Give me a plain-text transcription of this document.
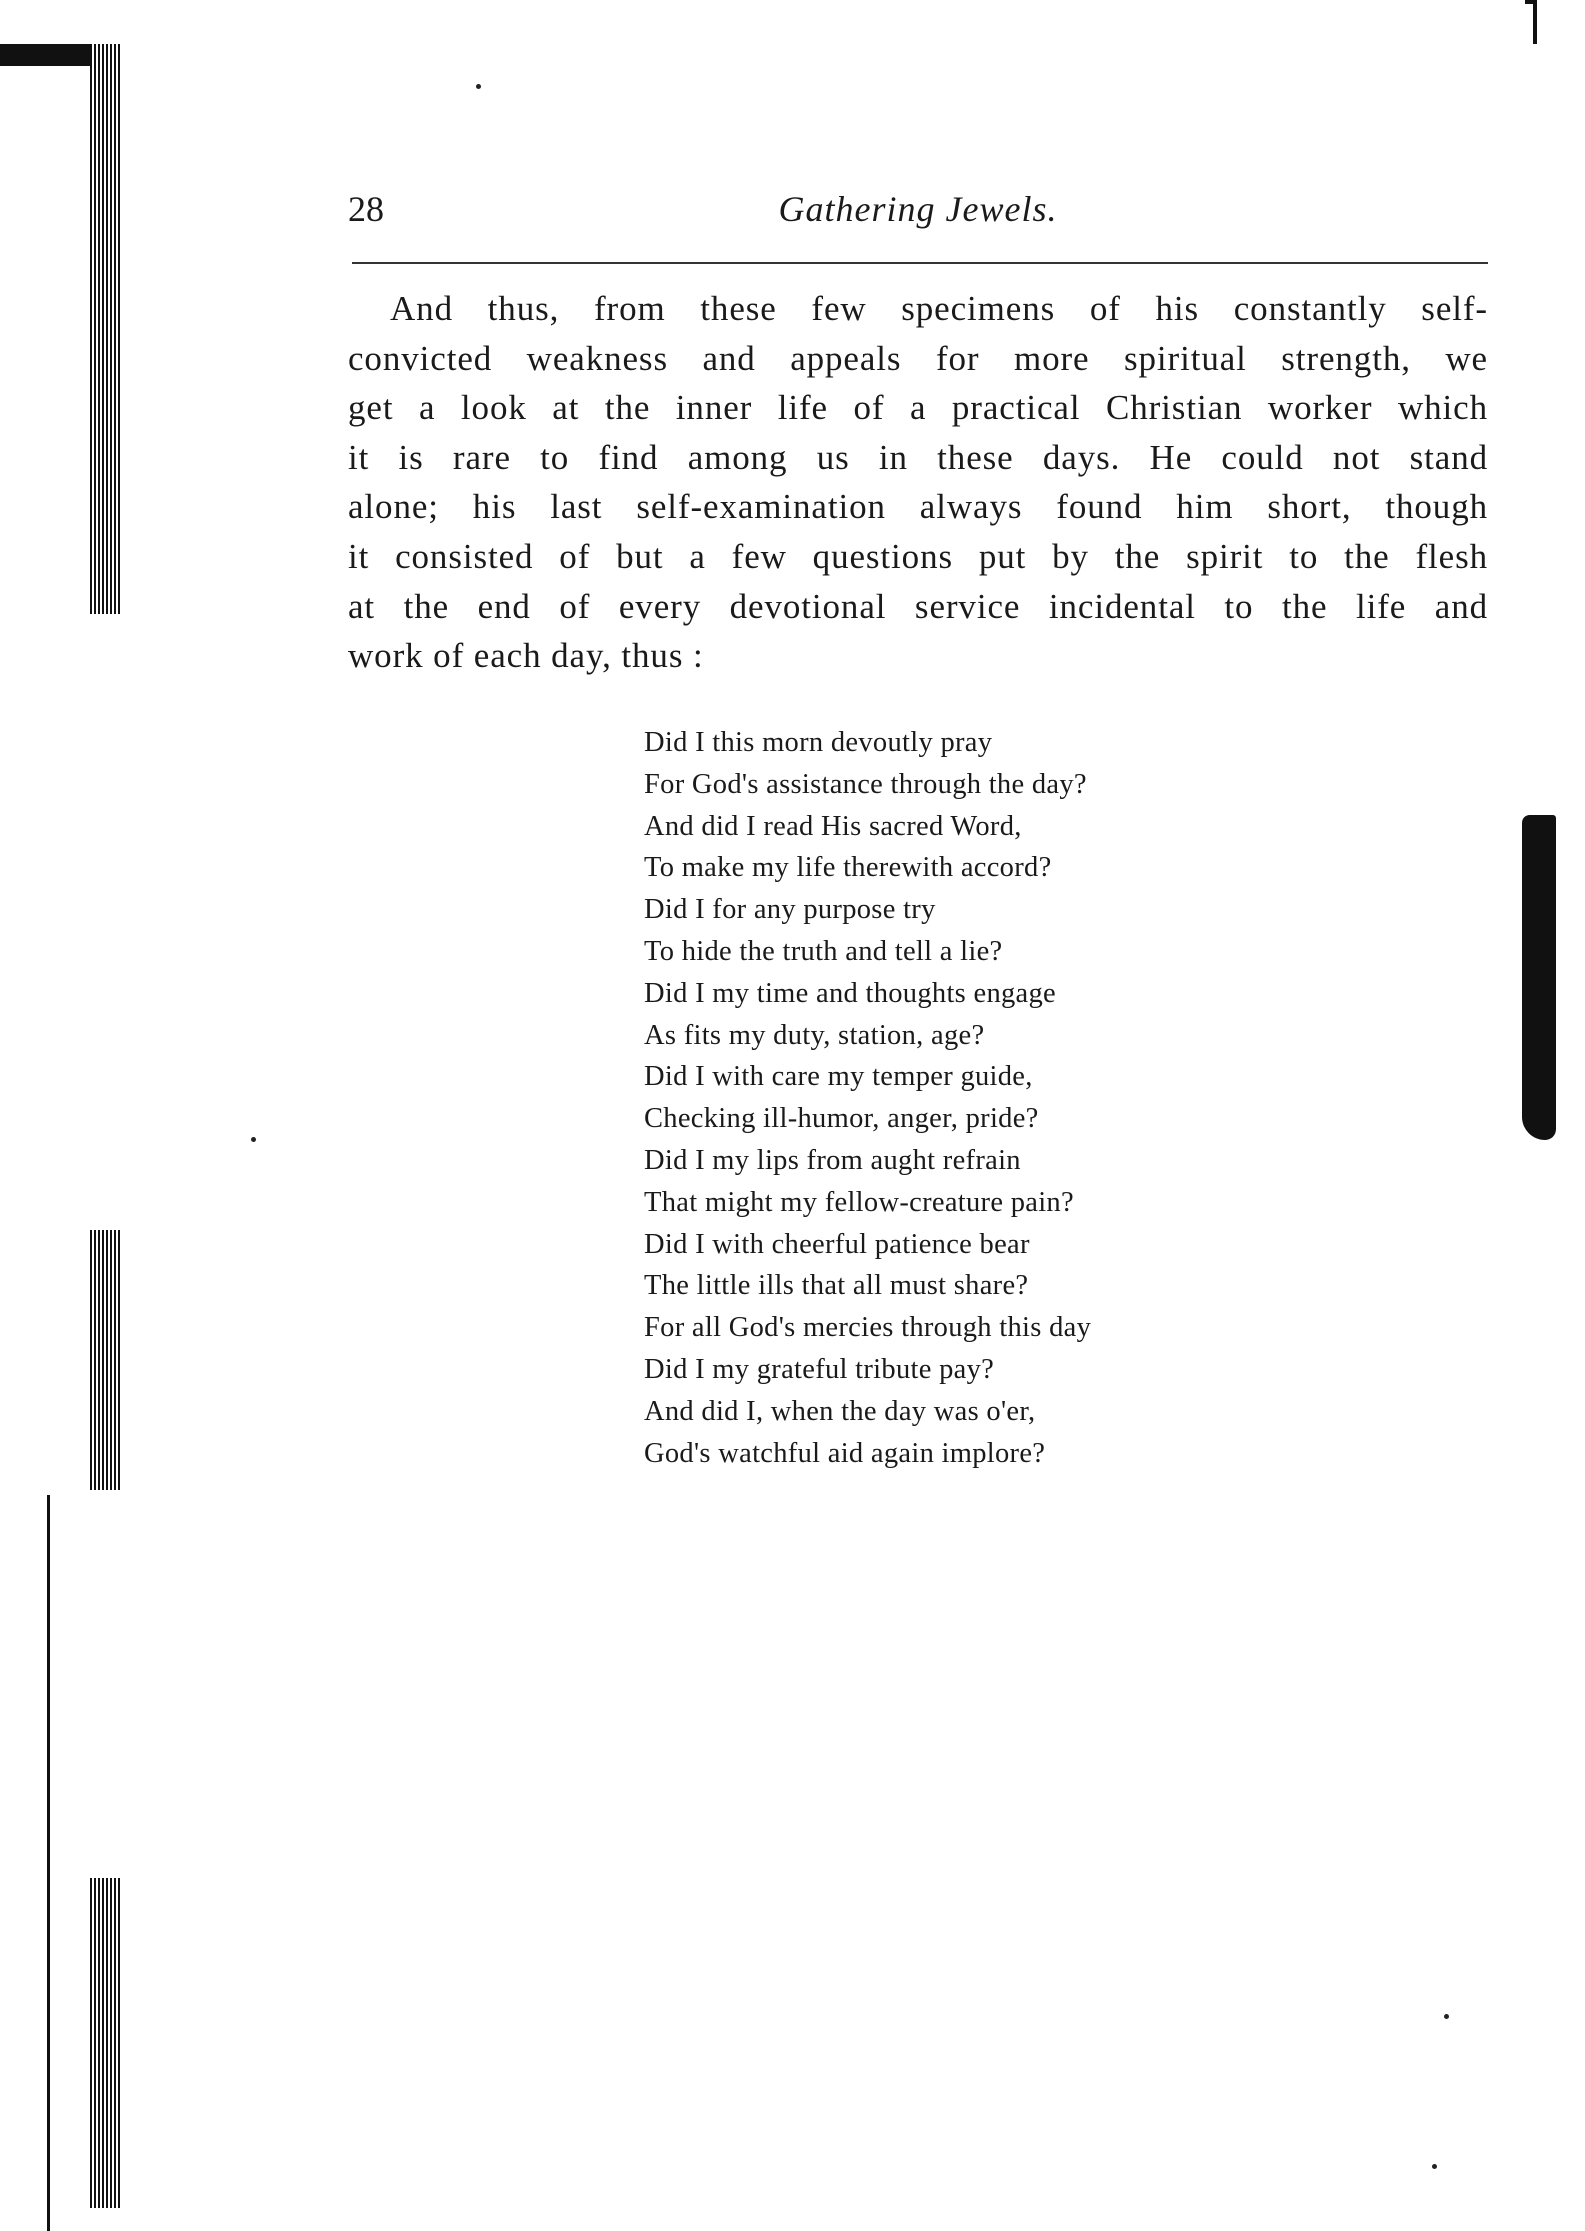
28	Gathering Jewels.
And thus, from these few specimens of his constantly self-
convicted weakness and appeals for more spiritual strength, we
get a look at the inner life of a practical Christian worker which
it is rare to find among us in these days. He could not stand
alone; his last self-examination always found him short, though
it consisted of but a few questions put by the spirit to the flesh
at the end of every devotional service incidental to the life and
work of each day, thus :
Did I this morn devoutly pray
For God's assistance through the day?
And did I read His sacred Word,
To make my life therewith accord?
Did I for any purpose try
To hide the truth and tell a lie?
Did I my time and thoughts engage
As fits my duty, station, age?
Did I with care my temper guide,
Checking ill-humor, anger, pride?
Did I my lips from aught refrain
That might my fellow-creature pain?
Did I with cheerful patience bear
The little ills that all must share?
For all God's mercies through this day
Did I my grateful tribute pay?
And did I, when the day was o'er,
God's watchful aid again implore?
